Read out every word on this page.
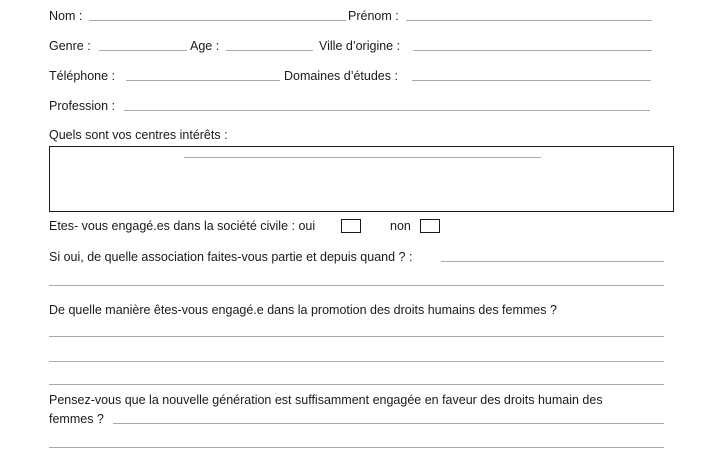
Nom :	Prénom :
Genre :	Age :	Ville d’origine :
Téléphone :	Domaines d’études :
Profession :
Quels sont vos centres intérêts :
Etes- vous engagé.es dans la société civile : oui	non
Si oui, de quelle association faites-vous partie et depuis quand ? :
De quelle manière êtes-vous engagé.e dans la promotion des droits humains des femmes ?
Pensez-vous que la nouvelle génération est suffisamment engagée en faveur des droits humain des
femmes ?
